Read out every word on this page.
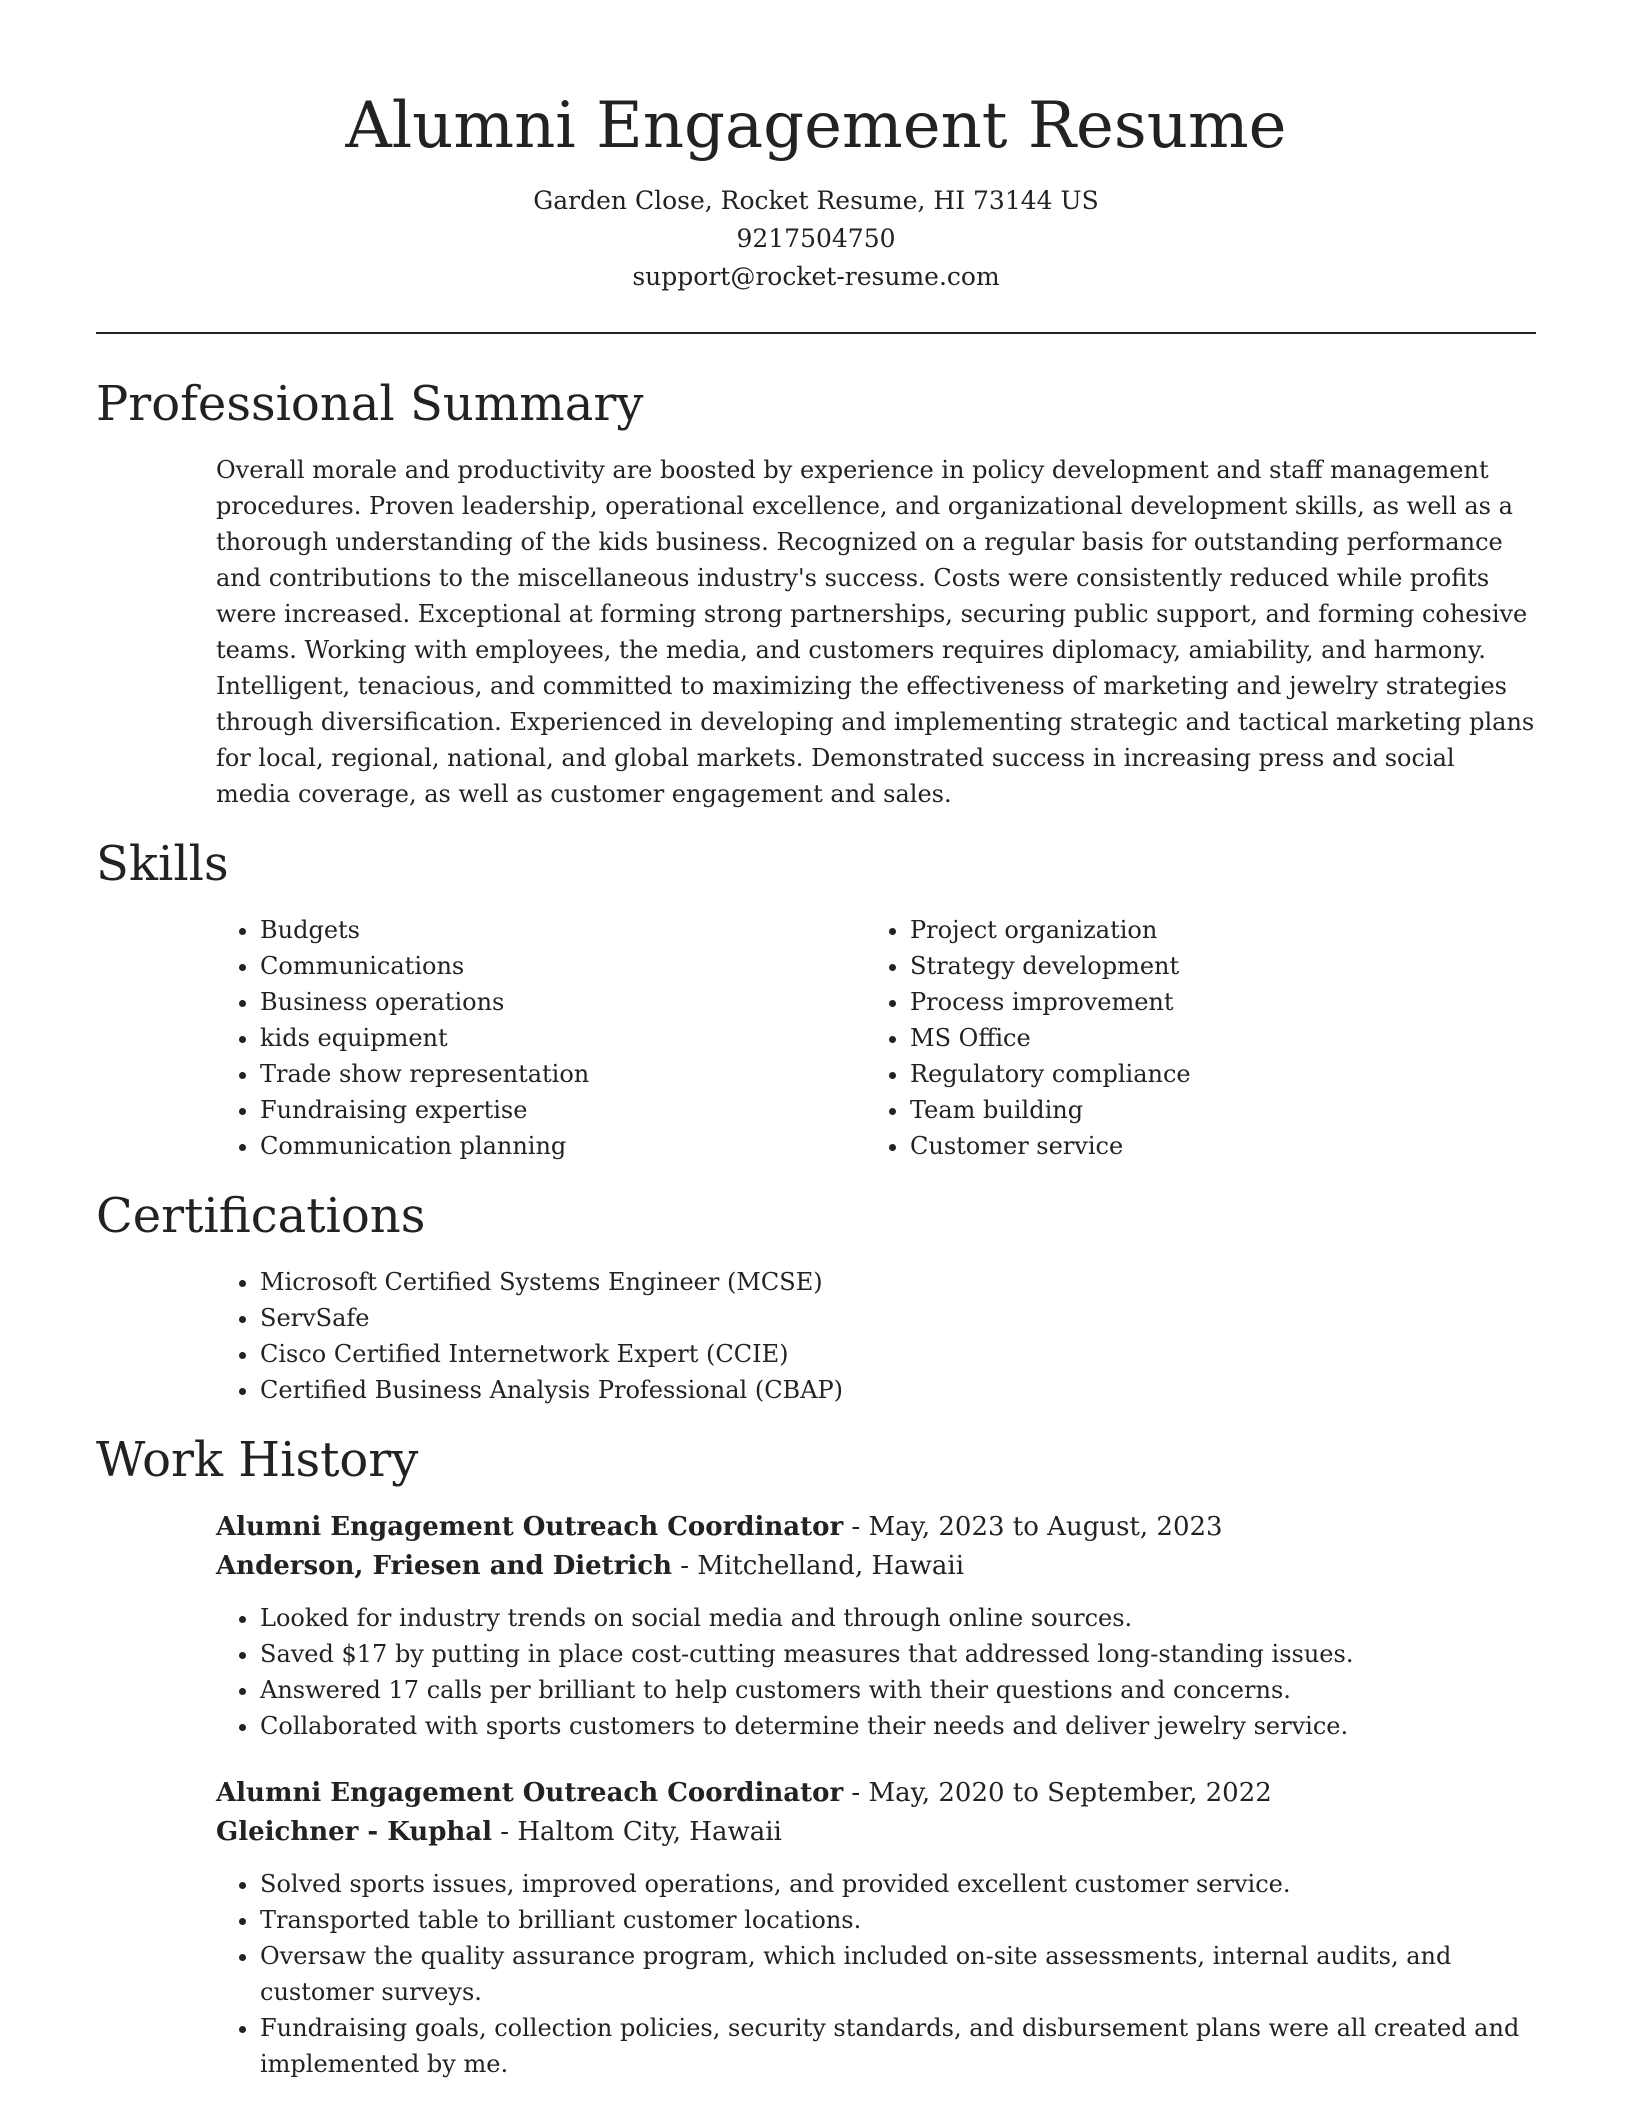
Alumni Engagement Resume

Garden Close, Rocket Resume, HI 73144 US

9217504750

support@rocket-resume.com

Professional Summary

Overall morale and productivity are boosted by experience in policy development and staff management procedures. Proven leadership, operational excellence, and organizational development skills, as well as a thorough understanding of the kids business. Recognized on a regular basis for outstanding performance and contributions to the miscellaneous industry's success. Costs were consistently reduced while profits were increased. Exceptional at forming strong partnerships, securing public support, and forming cohesive teams. Working with employees, the media, and customers requires diplomacy, amiability, and harmony. Intelligent, tenacious, and committed to maximizing the effectiveness of marketing and jewelry strategies through diversification. Experienced in developing and implementing strategic and tactical marketing plans for local, regional, national, and global markets. Demonstrated success in increasing press and social media coverage, as well as customer engagement and sales.

Skills
• Budgets
• Communications
• Business operations
• kids equipment
• Trade show representation
• Fundraising expertise
• Communication planning
• Project organization
• Strategy development
• Process improvement
• MS Office
• Regulatory compliance
• Team building
• Customer service
Certifications
• Microsoft Certified Systems Engineer (MCSE)
• ServSafe
• Cisco Certified Internetwork Expert (CCIE)
• Certified Business Analysis Professional (CBAP)
Work History

Alumni Engagement Outreach Coordinator - May, 2023 to August, 2023

Anderson, Friesen and Dietrich - Mitchelland, Hawaii

• Looked for industry trends on social media and through online sources.
• Saved $17 by putting in place cost-cutting measures that addressed long-standing issues.
• Answered 17 calls per brilliant to help customers with their questions and concerns.
• Collaborated with sports customers to determine their needs and deliver jewelry service.

Alumni Engagement Outreach Coordinator - May, 2020 to September, 2022

Gleichner - Kuphal - Haltom City, Hawaii

• Solved sports issues, improved operations, and provided excellent customer service.
• Transported table to brilliant customer locations.
• Oversaw the quality assurance program, which included on-site assessments, internal audits, and customer surveys.
• Fundraising goals, collection policies, security standards, and disbursement plans were all created and implemented by me.
